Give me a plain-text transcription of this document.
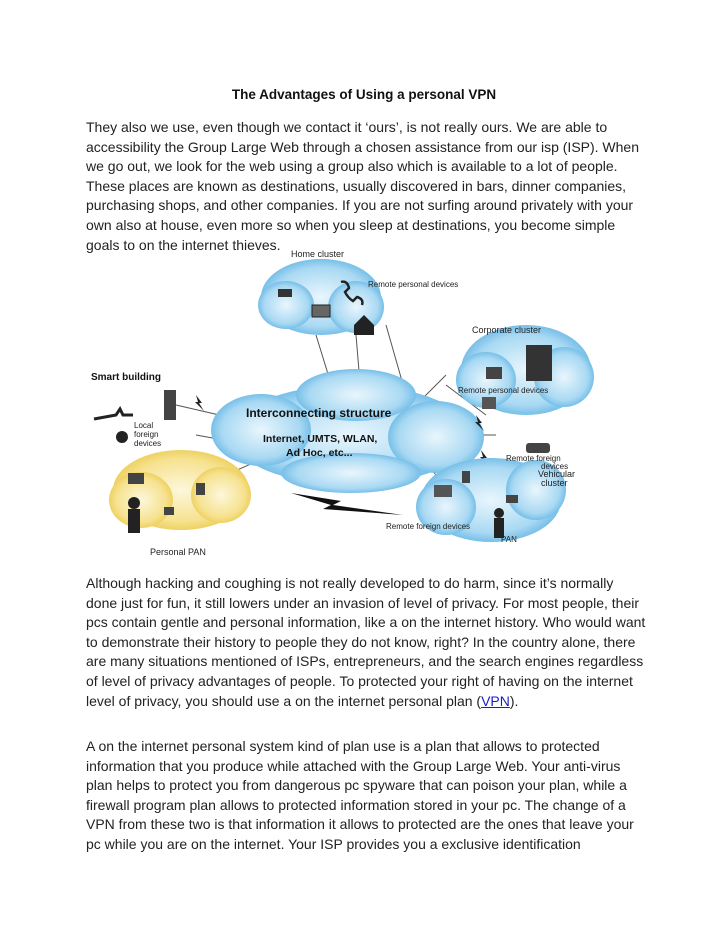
The Advantages of Using a personal VPN

They also we use, even though we contact it ‘ours’, is not really ours. We are able to accessibility the Group Large Web through a chosen assistance from our isp (ISP). When we go out, we look for the web using a group also which is available to a lot of people. These places are known as destinations, usually discovered in bars, dinner companies, purchasing shops, and other companies. If you are not surfing around privately with your own also at house, even more so when you sleep at destinations, you become simple goals to on the internet thieves.

Home cluster
Remote personal devices
Corporate cluster
Remote personal devices
Smart building
Local
foreign
devices
Interconnecting structure
Internet, UMTS, WLAN,
Ad Hoc, etc...	Remote foreign
devices
Vehicular
cluster
Remote foreign devices
PAN
Personal PAN

Although hacking and coughing is not really developed to do harm, since it’s normally done just for fun, it still lowers under an invasion of level of privacy. For most people, their pcs contain gentle and personal information, like a on the internet history. Who would want to demonstrate their history to people they do not know, right? In the country alone, there are many situations mentioned of ISPs, entrepreneurs, and the search engines regardless of level of privacy advantages of people. To protected your right of having on the internet level of privacy, you should use a on the internet personal plan (VPN).

A on the internet personal system kind of plan use is a plan that allows to protected information that you produce while attached with the Group Large Web. Your anti-virus plan helps to protect you from dangerous pc spyware that can poison your plan, while a firewall program plan allows to protected information stored in your pc. The change of a VPN from these two is that information it allows to protected are the ones that leave your pc while you are on the internet. Your ISP provides you a exclusive identification
